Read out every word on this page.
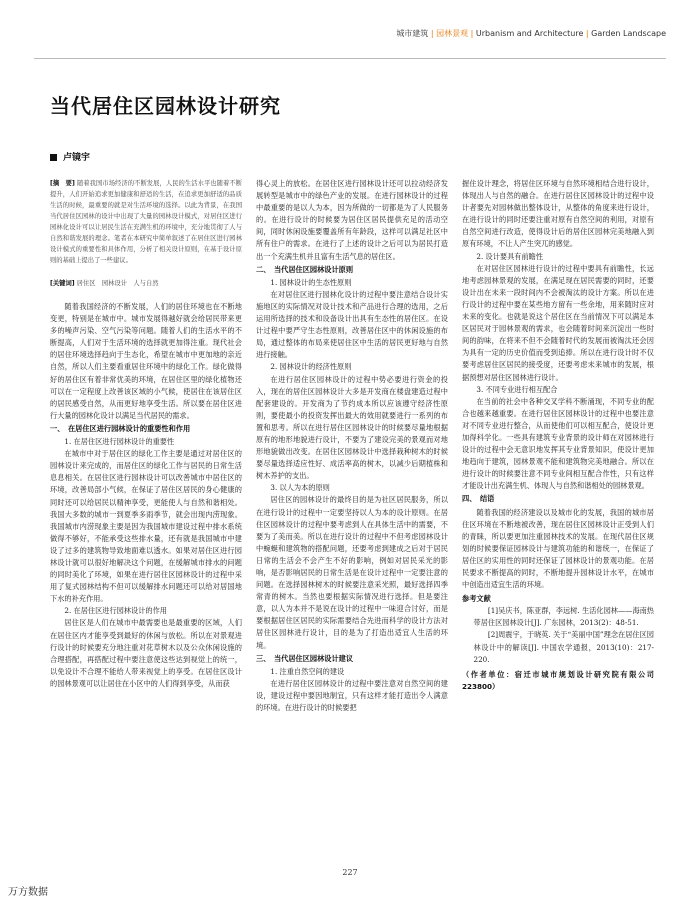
城市建筑 | 园林景观 | Urbanism and Architecture | Garden Landscape
当代居住区园林设计研究
卢镜宇

[摘　要] 随着我国市场经济的不断发展，人民的生活水平也随着不断提升，人们开始追求更加健康和舒适的生活，在追求更加舒适的品质生活的时候，最重要的就是对生活环境的选择。以此为背景，在我国当代居住区园林的设计中出现了大量的园林设计模式，对居住区进行园林化设计可以让居民生活在充满生机的环境中，充分地贯彻了人与自然和谐发展的理念。笔者在本研究中简单叙述了在居住区进行园林设计模式的重要性和具体作用，分析了相关设计原则，在基于设计原则的基础上提出了一些建议。

[关键词] 居住区　园林设计　人与自然

随着我国经济的不断发展，人们的居住环境也在不断地变更，特别是在城市中。城市发展得越好就会给居民带来更多的噪声污染、空气污染等问题。随着人们的生活水平的不断提高，人们对于生活环境的选择就更加得注重。现代社会的居住环境选择趋向于生态化，希望在城市中更加地的亲近自然，所以人们主要看重居住环境中的绿化工作。绿化做得好的居住区有着非常优美的环境，在居住区里的绿化植物还可以在一定程度上改善该区域的小气候，使居住在该居住区的居民感受自然，从而更好地享受生活。所以要在居住区进行大量的园林化设计以满足当代居民的需求。

一、　在居住区进行园林设计的重要性和作用

1. 在居住区进行园林设计的重要性

在城市中对于居住区的绿化工作主要是通过对居住区的园林设计来完成的，而居住区的绿化工作与居民的日常生活息息相关。在居住区进行园林设计可以改善城市中居住区的环境，改善局部小气候，在保证了居住区居民的身心健康的同时还可以给居民以精神享受，更能使人与自然和谐相处。我国大多数的城市一到夏季多雨季节，就会出现内涝现象。我国城市内涝现象主要是因为我国城市建设过程中排水系统做得不够好，不能承受这些排水量，还有就是我国城市中建设了过多的建筑物导致地面难以透水。如果对居住区进行园林设计就可以很好地解决这个问题，在缓解城市排水的问题的同时美化了环境，如果在进行居住区园林设计的过程中采用了复式园林结构不但可以缓解排水问题还可以给对居国地下水的补充作用。

2. 在居住区进行园林设计的作用

居住区是人们在城市中最需要也是最重要的区域，人们在居住区内才能享受到最好的休闲与放松。所以在对景观进行设计的时候要充分地注重对花草树木以及公众休闲设施的合理搭配，再搭配过程中要注意使这些达到视觉上的统一，以免设计不合理不能给人带来视觉上的享受。在居住区设计的园林景观可以让居住在小区中的人们得到享受，从而获

得心灵上的放松。在居住区进行园林设计还可以拉动经济发展转型是城市中的绿色产业的发展。在进行园林设计的过程中最重要的是以人为本，因为所做的一切都是为了人民服务的。在进行设计的时候要为居住区居民提供充足的活动空间，同时休闲设施要覆盖所有年龄段，这样可以满足社区中所有住户的需求。在进行了上述的设计之后可以为居民打造出一个充满生机并且富有生活气息的居住区。

二、　当代居住区园林设计原则

1. 园林设计的生态性原则

在对居住区进行园林化设计的过程中要注意结合设计实施地区的实际情况对设计技术和产品进行合理的选用，之后运用所选择的技术和设备设计出具有生态性的居住区。在设计过程中要严守生态性原则，改善居住区中的休闲设施的布局，通过整体的布局来使居住区中生活的居民更好地与自然进行接触。

2. 园林设计的经济性原则

在进行居住区园林设计的过程中势必要进行资金的投入，现在的居住区园林设计大多是开发商在楼盘建造过程中配套建设的。开发商为了节约成本所以应该遵守经济性原则，要使最小的投资发挥出最大的效用就要进行一系列的布置和思考。所以在进行居住区园林设计的时候要尽量地根据原有的地形地貌进行设计，不要为了建设完美的景观而对地形地貌做出改变。在居住区园林设计中选择栽种树木的时候要尽量选择适应性好、成活率高的树木，以减少后期植株和树木养护的支出。

3. 以人为本的原则

居住区的园林设计的最终目的是为社区居民服务，所以在进行设计的过程中一定要坚持以人为本的设计原则。在居住区园林设计的过程中要考虑到人在具体生活中的需要，不要为了美而美。所以在进行设计的过程中不但考虑园林设计中蜿蜒和建筑物的搭配问题，还要考虑到建成之后对于居民日常的生活会不会产生不好的影响，例如对居民采光的影响，是否影响居民的日常生活是在设计过程中一定要注意的问题。在选择园林树木的时候要注意采光照，最好选择四季常青的树木。当然也要根据实际情况进行选择。但是要注意，以人为本并不是说在设计的过程中一味迎合讨好，而是要根据居住区居民的实际需要结合先进而科学的设计方法对居住区园林进行设计，目的是为了打造出适宜人生活的环境。

三、　当代居住区园林设计建议

1. 注重自然空间的建设

在进行居住区园林设计的过程中要注意对自然空间的建设，建设过程中要因地制宜，只有这样才能打造出令人满意的环境。在进行设计的时候要把

握住设计理念，将居住区环境与自然环境相结合进行设计，体现出人与自然的融合。在进行居住区园林设计的过程中设计者要先对园林做出整体设计，从整体的角度来进行设计，在进行设计的同时还要注重对原有自然空间的利用，对原有自然空间进行改造，使得设计后的居住区园林完美地融入到原有环境，不让人产生突兀的感觉。

2. 设计要具有前瞻性

在对居住区园林进行设计的过程中要具有前瞻性，长远地考虑园林景观的发展，在满足现在居民需要的同时，还要设计出在未来一段时间内不会被淘汰的设计方案。所以在进行设计的过程中要在某些地方留有一些余地，用来随时应对未来的变化。也就是说这个居住区在当前情况下可以满足本区居民对于园林景观的需求，也会随着时间来沉淀出一些时间的韵味，在将来不但不会随着时代的发展而被淘汰还会因为具有一定的历史价值而受到追捧。所以在进行设计时不仅要考虑居住区居民的接受度，还要考虑未来城市的发展，根据预想对居住区园林进行设计。

3. 不同专业进行相互配合

在当前的社会中各种交叉学科不断涌现，不同专业的配合也越来越重要。在进行居住区园林设计的过程中也要注意对不同专业进行整合，从而使他们可以相互配合，使设计更加得科学化。一些具有建筑专业背景的设计师在对园林进行设计的过程中会无意识地发挥其专业背景知识，使设计更加地趋向于建筑，园林景观不能和建筑物完美地融合。所以在进行设计的时候要注意不同专业间相互配合作性，只有这样才能设计出充满生机、体现人与自然和谐相处的园林景观。

四、　结语

随着我国的经济建设以及城市化的发展，我国的城市居住区环境在不断地被改善，现在居住区园林设计正受到人们的青睐，所以要更加注重园林技术的发展。在现代居住区规划的时候要保证园林设计与建筑功能的和谐统一，在保证了居住区的实用性的同时还保证了园林设计的景观功能。在居民要求不断提高的同时，不断地提升园林设计水平，在城市中创造出适宜生活的环境。

参考文献

[1]吴庆书，陈亚群，李远树. 生活化园林——海南热带居住区园林设计[J]. 广东园林，2013(2)：48-51.

[2]周震宇，于晓英. 关于“美丽中国”理念在居住区园林设计中的解读[J]. 中国农学通报，2013(10)：217-220.

（作者单位：宿迁市城市规划设计研究院有限公司 223800）
227
万方数据
